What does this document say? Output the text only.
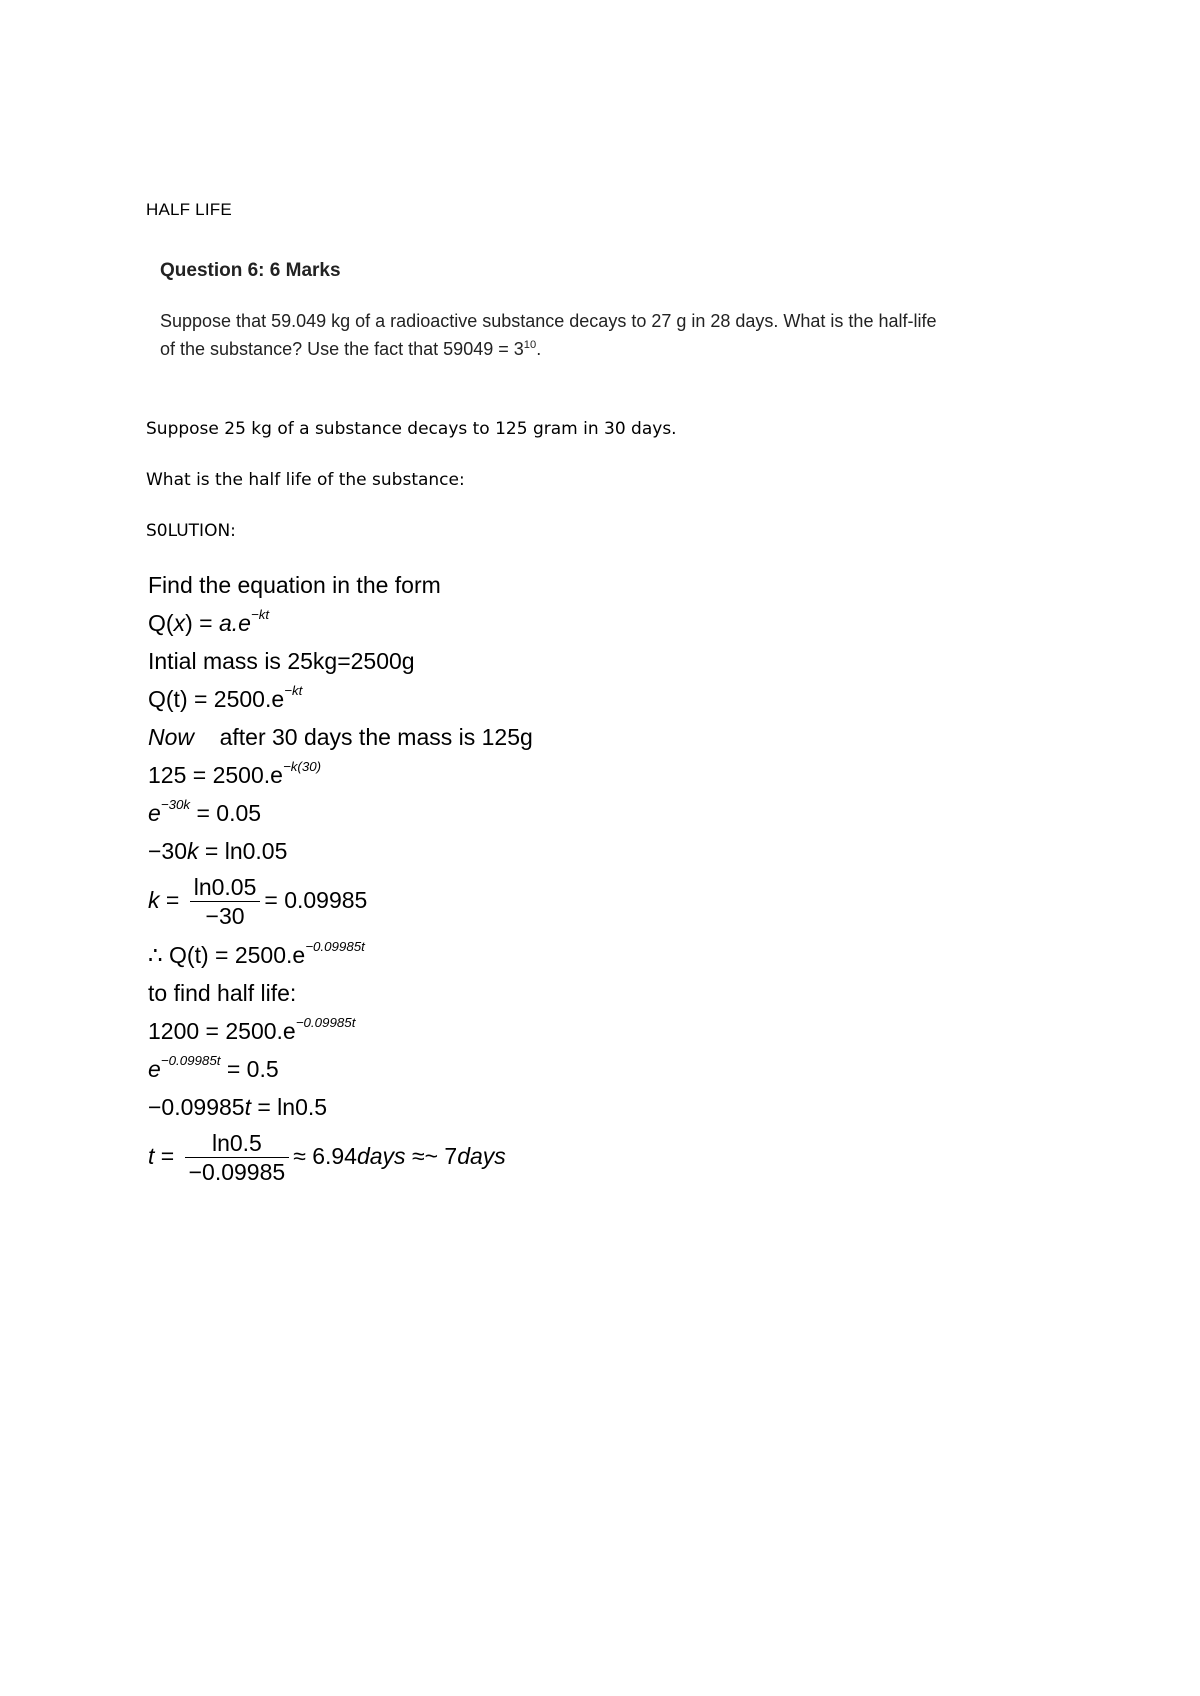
HALF LIFE
Question 6: 6 Marks
Suppose that 59.049 kg of a radioactive substance decays to 27 g in 28 days. What is the half-life
of the substance? Use the fact that $59049 = 3^{10}$.
Suppose 25 kg of a substance decays to 125 gram in 30 days.
What is the half life of the substance:
S0LUTION:
Find the equation in the form
$Q(x) = a.e^{-kt}$
Intial mass is 25kg=2500g
$Q(t) = 2500.e^{-kt}$
Now    after 30 days the mass is 125g
$125 = 2500.e^{-k(30)}$
$e^{-30k} = 0.05$
−30k = ln0.05
$k = \frac{\ln 0.05}{-30} = 0.09985$
∴ $Q(t) = 2500.e^{-0.09985t}$
to find half life:
$1200 = 2500.e^{-0.09985t}$
$e^{-0.09985t} = 0.5$
−0.09985t = ln0.5
$t = \frac{\ln 0.5}{-0.09985}$ ≈ 6.94days ≈~ 7days
